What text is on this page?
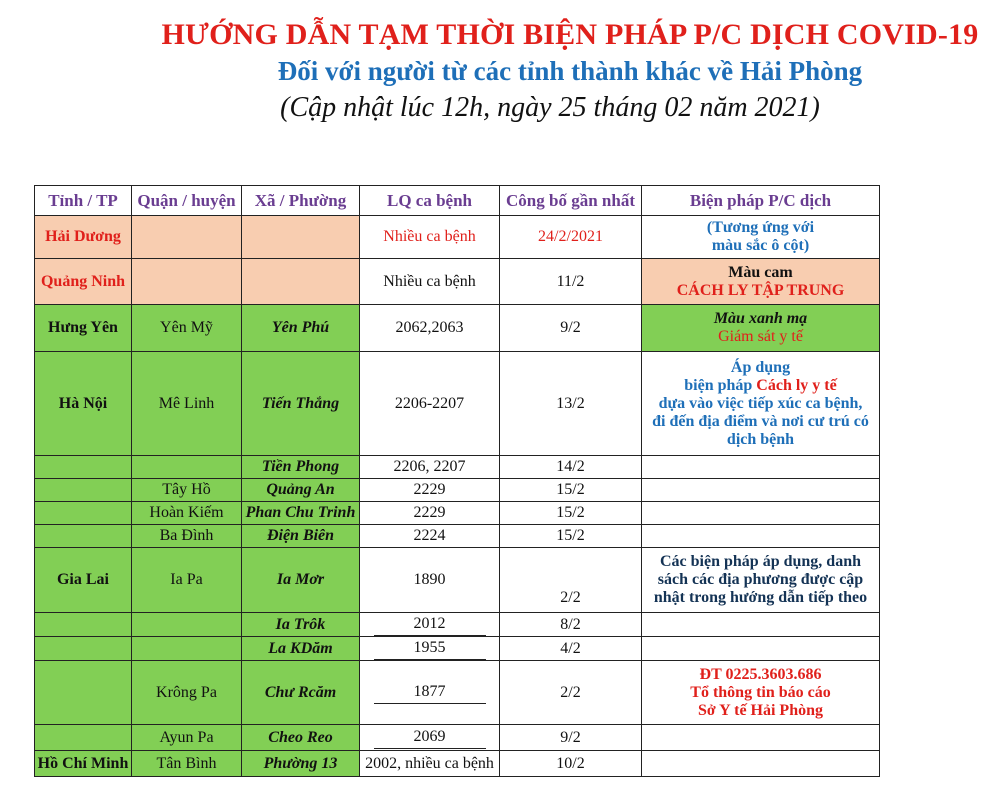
HƯỚNG DẪN TẠM THỜI BIỆN PHÁP P/C DỊCH COVID-19
Đối với người từ các tỉnh thành khác về Hải Phòng
(Cập nhật lúc 12h, ngày 25 tháng 02 năm 2021)
Tỉnh / TP	Quận / huyện	Xã / Phường	LQ ca bệnh	Công bố gần nhất	Biện pháp P/C dịch
Hải Dương			Nhiều ca bệnh	24/2/2021	(Tương ứng với
màu sắc ô cột)

Quảng Ninh			Nhiều ca bệnh	11/2	Màu cam
CÁCH LY TẬP TRUNG

Hưng Yên	Yên Mỹ	Yên Phú	2062,2063	9/2	Màu xanh mạ
Giám sát y tế

Hà Nội	Mê Linh	Tiến Thắng	2206-2207	13/2	Áp dụng
biện pháp Cách ly y tế
dựa vào việc tiếp xúc ca bệnh,
đi đến địa điểm và nơi cư trú có
dịch bệnh

		Tiền Phong	2206, 2207	14/2	
	Tây Hồ	Quảng An	2229	15/2	
	Hoàn Kiếm	Phan Chu Trinh	2229	15/2	
	Ba Đình	Điện Biên	2224	15/2	
Gia Lai	Ia Pa	Ia Mơr	1890	2/2	Các biện pháp áp dụng, danh
sách các địa phương được cập
nhật trong hướng dẫn tiếp theo

		Ia Trôk	2012	8/2	
		La KDăm	1955	4/2	
	Krông Pa	Chư Rcăm	1877	2/2	ĐT 0225.3603.686
Tổ thông tin báo cáo
Sở Y tế Hải Phòng

	Ayun Pa	Cheo Reo	2069	9/2	
Hồ Chí Minh	Tân Bình	Phường 13	2002, nhiều ca bệnh	10/2	
